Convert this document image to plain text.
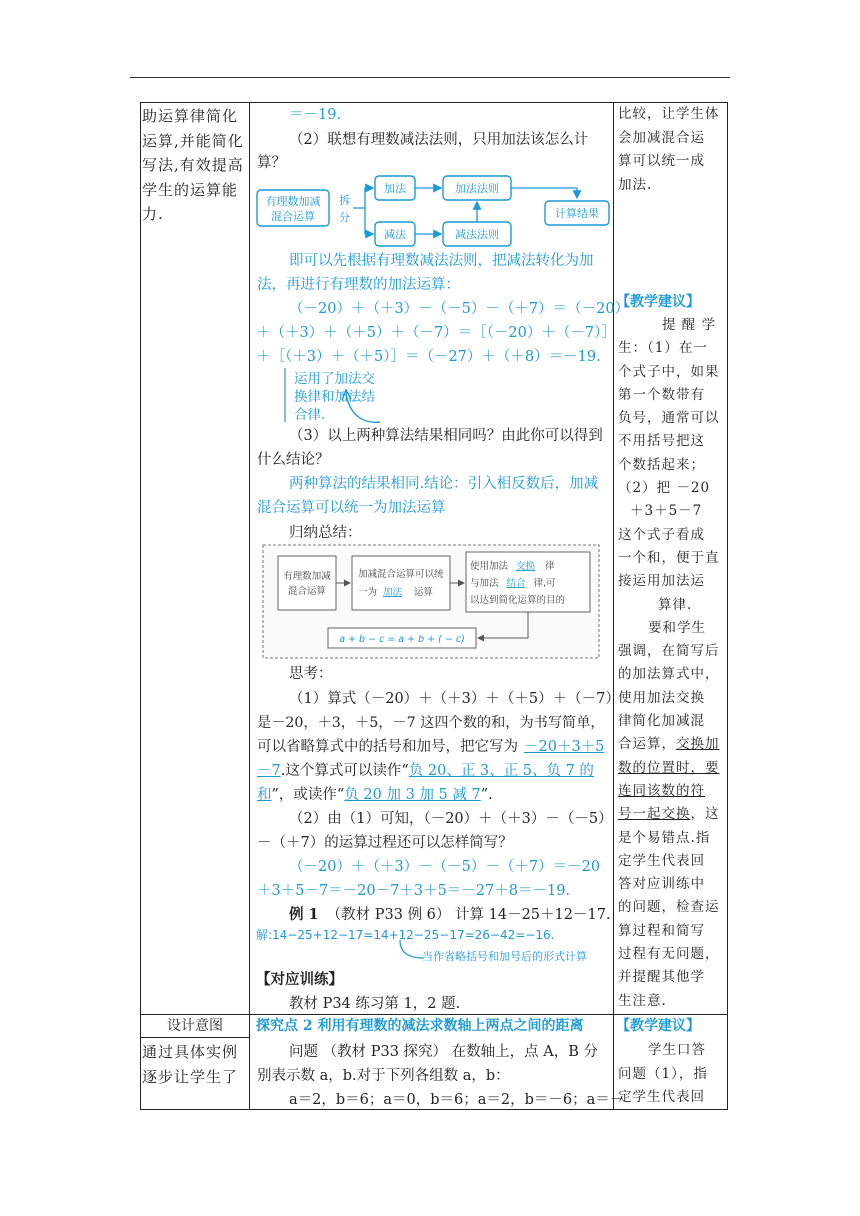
助运算律简化运算,并能简化写法,有效提高学生的运算能力.
设计意图
通过具体实例逐步让学生了
＝－19.
（2）联想有理数减法法则，只用加法该怎么计
算？
有理数加减
混合运算
拆
分
加法
减法
加法法则
减法法则
计算结果
即可以先根据有理数减法法则，把减法转化为加
法，再进行有理数的加法运算：
（－20）＋（＋3）－（－5）－（＋7）＝（－20）
＋（＋3）＋（＋5）＋（－7）＝［（－20）＋（－7）］
＋［（＋3）＋（＋5）］＝（－27）＋（＋8）＝－19.
运用了加法交
换律和加法结
合律.
（3）以上两种算法结果相同吗？由此你可以得到
什么结论？
两种算法的结果相同.结论：引入相反数后，加减
混合运算可以统一为加法运算
归纳总结：
有理数加减
混合运算
加减混合运算可以统
一为 加法 运算
使用加法 交换 律
与加法 结合 律,可
以达到简化运算的目的
a + b − c = a + b + ( − c)
思考：
（1）算式（－20）＋（＋3）＋（＋5）＋（－7）
是－20，＋3，＋5，－7 这四个数的和，为书写简单，
可以省略算式中的括号和加号，把它写为 －20＋3＋5
－7.这个算式可以读作“负 20、正 3、正 5、负 7 的
和”，或读作“负 20 加 3 加 5 减 7”.
（2）由（1）可知，（－20）＋（＋3）－（－5）
－（＋7）的运算过程还可以怎样简写？
（－20）＋（＋3）－（－5）－（＋7）＝－20
＋3＋5－7＝－20－7＋3＋5＝－27＋8＝－19.
例 1 （教材 P33 例 6） 计算 14－25＋12－17.
解:14−25+12−17=14+12−25−17=26−42=−16.
当作省略括号和加号后的形式计算
【对应训练】
教材 P34 练习第 1，2 题.
探究点 2 利用有理数的减法求数轴上两点之间的距离
问题 （教材 P33 探究） 在数轴上，点 A，B 分
别表示数 a，b.对于下列各组数 a，b：
a＝2，b＝6；a＝0，b＝6；a＝2，b＝－6；a＝－
比较，让学生体
会加减混合运
算可以统一成
加法.
【教学建议】
提 醒 学
生：（1）在一
个式子中，如果
第一个数带有
负号，通常可以
不用括号把这
个数括起来；
（2）把 －20
＋3＋5－7
这个式子看成
一个和，便于直
接运用加法运
算律.
要和学生
强调，在简写后
的加法算式中，
使用加法交换
律简化加减混
合运算，交换加
数的位置时，要
连同该数的符
号一起交换，这
是个易错点.指
定学生代表回
答对应训练中
的问题，检查运
算过程和简写
过程有无问题，
并提醒其他学
生注意.
【教学建议】
学生口答
问题（1），指
定学生代表回
